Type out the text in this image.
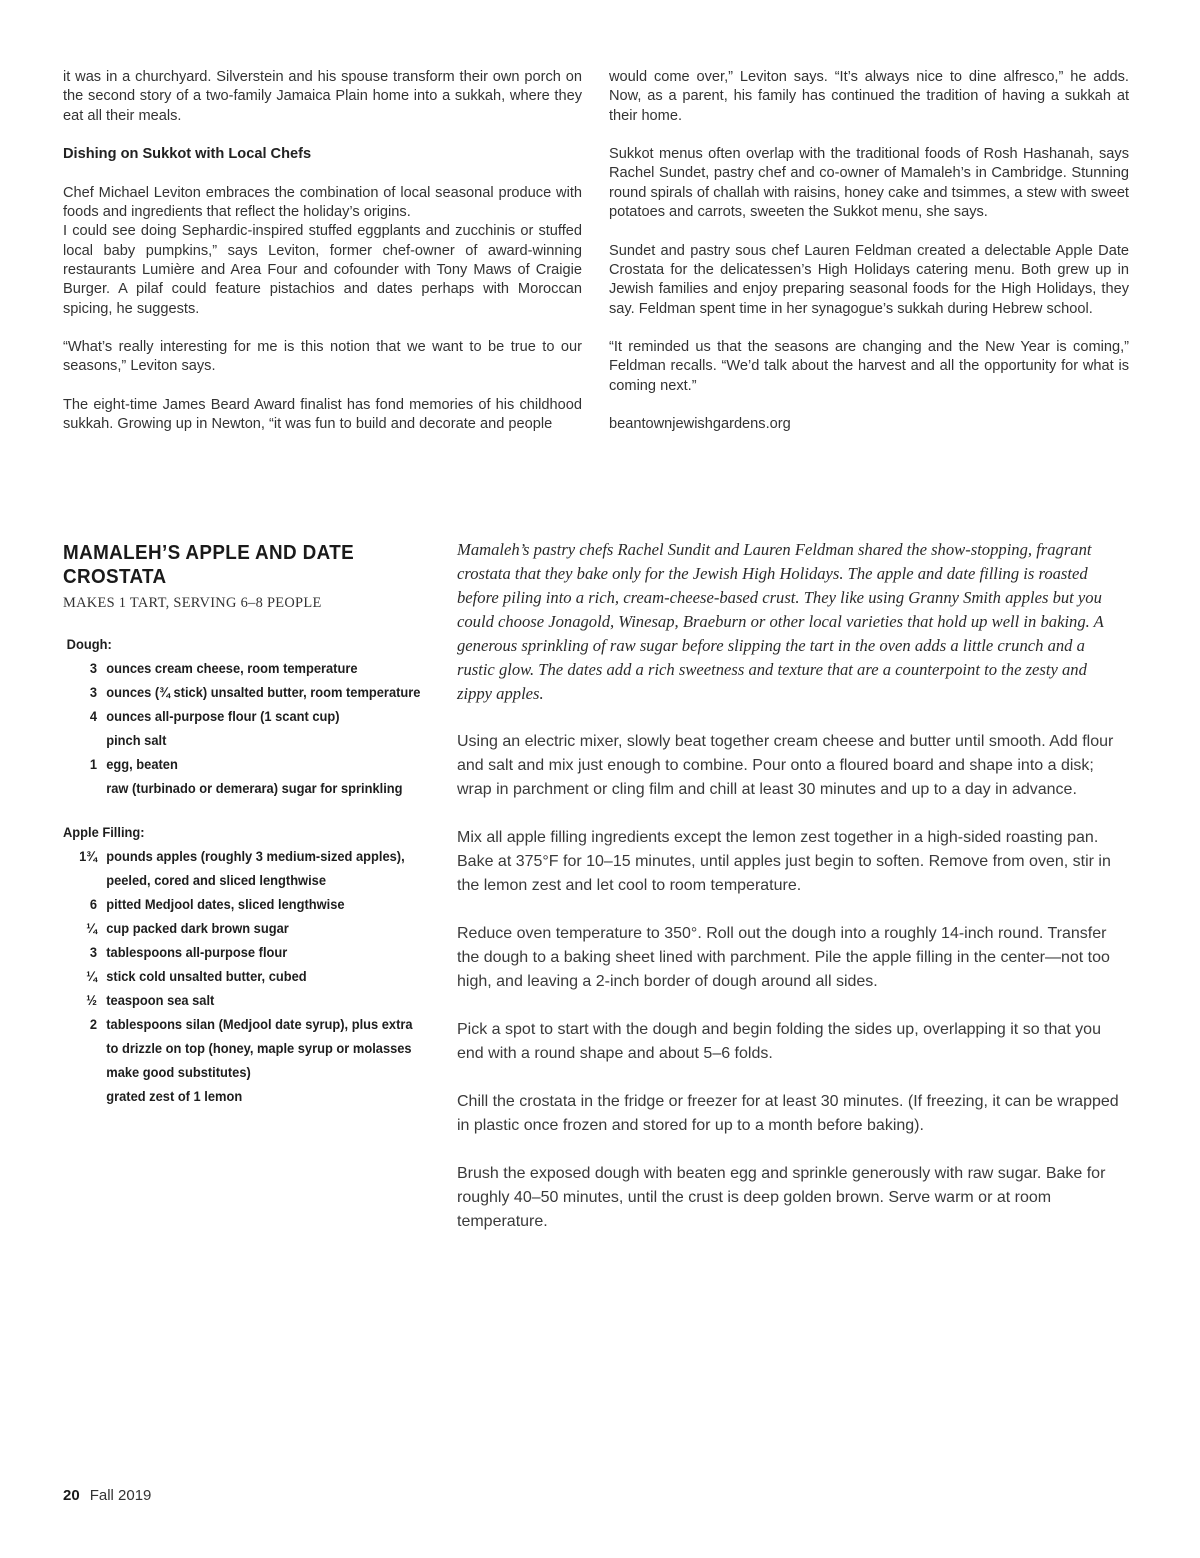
it was in a churchyard. Silverstein and his spouse transform their own porch on the second story of a two-family Jamaica Plain home into a sukkah, where they eat all their meals.

Dishing on Sukkot with Local Chefs

Chef Michael Leviton embraces the combination of local seasonal produce with foods and ingredients that reflect the holiday’s origins.

I could see doing Sephardic-inspired stuffed eggplants and zucchinis or stuffed local baby pumpkins,” says Leviton, former chef-owner of award-winning restaurants Lumière and Area Four and cofounder with Tony Maws of Craigie Burger. A pilaf could feature pistachios and dates perhaps with Moroccan spicing, he suggests.

“What’s really interesting for me is this notion that we want to be true to our seasons,” Leviton says.

The eight-time James Beard Award finalist has fond memories of his childhood sukkah. Growing up in Newton, “it was fun to build and decorate and people

would come over,” Leviton says. “It’s always nice to dine alfresco,” he adds. Now, as a parent, his family has continued the tradition of having a sukkah at their home.

Sukkot menus often overlap with the traditional foods of Rosh Hashanah, says Rachel Sundet, pastry chef and co-owner of Mamaleh’s in Cambridge. Stunning round spirals of challah with raisins, honey cake and tsimmes, a stew with sweet potatoes and carrots, sweeten the Sukkot menu, she says.

Sundet and pastry sous chef Lauren Feldman created a delectable Apple Date Crostata for the delicatessen’s High Holidays catering menu. Both grew up in Jewish families and enjoy preparing seasonal foods for the High Holidays, they say. Feldman spent time in her synagogue’s sukkah during Hebrew school.

“It reminded us that the seasons are changing and the New Year is coming,” Feldman recalls. “We’d talk about the harvest and all the opportunity for what is coming next.”

beantownjewishgardens.org

MAMALEH’S APPLE AND DATE
CROSTATA
MAKES 1 TART, SERVING 6–8 PEOPLE
Dough:
3 ounces cream cheese, room temperature
3 ounces (¾ stick) unsalted butter, room temperature
4 ounces all-purpose flour (1 scant cup)
pinch salt
1 egg, beaten
raw (turbinado or demerara) sugar for sprinkling
Apple Filling:
1¾ pounds apples (roughly 3 medium-sized apples), peeled, cored and sliced lengthwise
6 pitted Medjool dates, sliced lengthwise
¼ cup packed dark brown sugar
3 tablespoons all-purpose flour
¼ stick cold unsalted butter, cubed
½ teaspoon sea salt
2 tablespoons silan (Medjool date syrup), plus extra to drizzle on top (honey, maple syrup or molasses make good substitutes)
grated zest of 1 lemon

Mamaleh’s pastry chefs Rachel Sundit and Lauren Feldman shared the show-stopping, fragrant crostata that they bake only for the Jewish High Holidays. The apple and date filling is roasted before piling into a rich, cream-cheese-based crust. They like using Granny Smith apples but you could choose Jonagold, Winesap, Braeburn or other local varieties that hold up well in baking. A generous sprinkling of raw sugar before slipping the tart in the oven adds a little crunch and a rustic glow. The dates add a rich sweetness and texture that are a counterpoint to the zesty and zippy apples.

Using an electric mixer, slowly beat together cream cheese and butter until smooth. Add flour and salt and mix just enough to combine. Pour onto a floured board and shape into a disk; wrap in parchment or cling film and chill at least 30 minutes and up to a day in advance.

Mix all apple filling ingredients except the lemon zest together in a high-sided roasting pan. Bake at 375°F for 10–15 minutes, until apples just begin to soften. Remove from oven, stir in the lemon zest and let cool to room temperature.

Reduce oven temperature to 350°. Roll out the dough into a roughly 14-inch round. Transfer the dough to a baking sheet lined with parchment. Pile the apple filling in the center—not too high, and leaving a 2-inch border of dough around all sides.

Pick a spot to start with the dough and begin folding the sides up, overlapping it so that you end with a round shape and about 5–6 folds.

Chill the crostata in the fridge or freezer for at least 30 minutes. (If freezing, it can be wrapped in plastic once frozen and stored for up to a month before baking).

Brush the exposed dough with beaten egg and sprinkle generously with raw sugar. Bake for roughly 40–50 minutes, until the crust is deep golden brown. Serve warm or at room temperature.

20 Fall 2019
